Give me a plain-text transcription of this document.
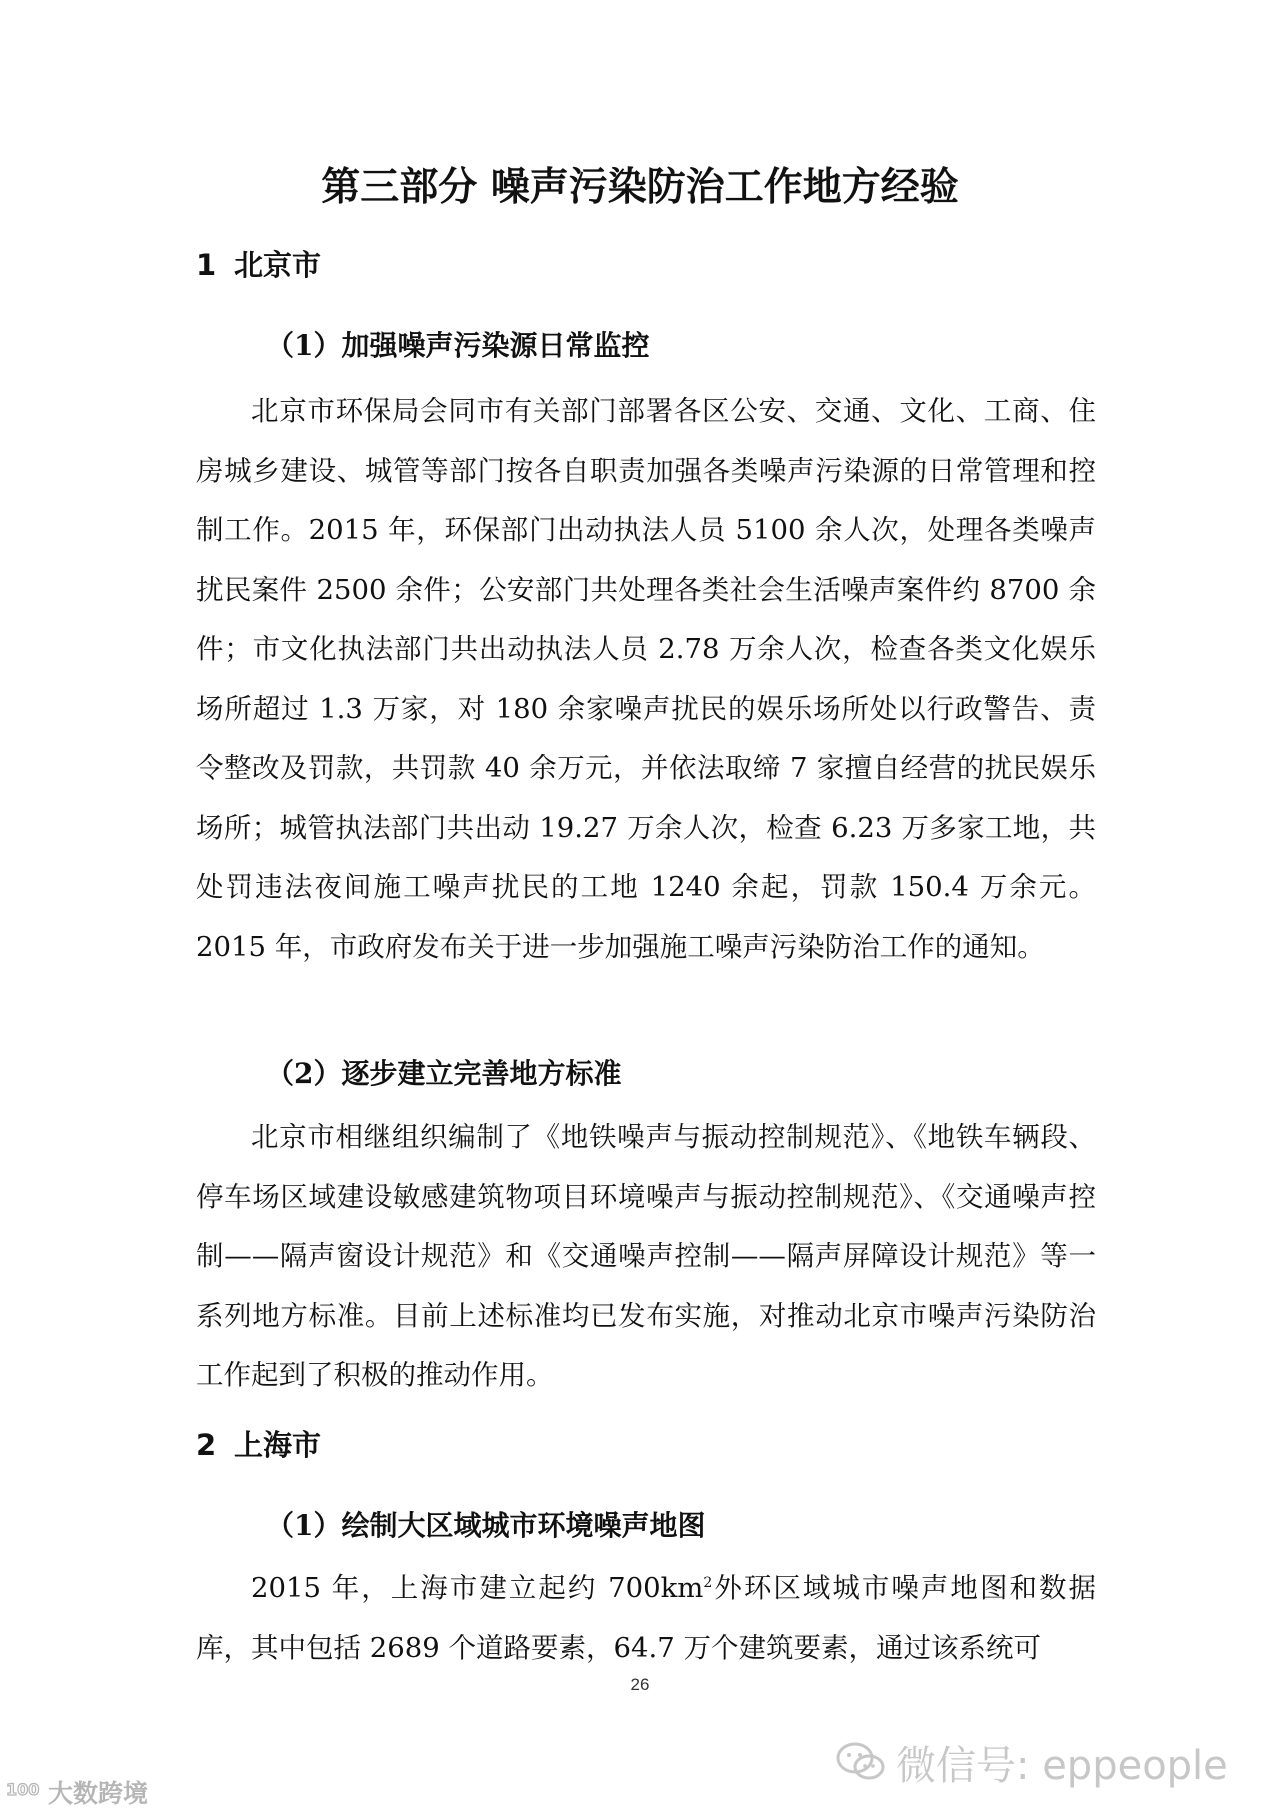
第三部分 噪声污染防治工作地方经验
1 北京市
（1）加强噪声污染源日常监控
北京市环保局会同市有关部门部署各区公安、交通、文化、工商、住房城乡建设、城管等部门按各自职责加强各类噪声污染源的日常管理和控制工作。2015 年，环保部门出动执法人员 5100 余人次，处理各类噪声扰民案件 2500 余件；公安部门共处理各类社会生活噪声案件约 8700 余件；市文化执法部门共出动执法人员 2.78 万余人次，检查各类文化娱乐场所超过 1.3 万家，对 180 余家噪声扰民的娱乐场所处以行政警告、责令整改及罚款，共罚款 40 余万元，并依法取缔 7 家擅自经营的扰民娱乐场所；城管执法部门共出动 19.27 万余人次，检查 6.23 万多家工地，共处罚违法夜间施工噪声扰民的工地 1240 余起，罚款 150.4 万余元。2015 年，市政府发布关于进一步加强施工噪声污染防治工作的通知。
（2）逐步建立完善地方标准
北京市相继组织编制了《地铁噪声与振动控制规范》、《地铁车辆段、停车场区域建设敏感建筑物项目环境噪声与振动控制规范》、《交通噪声控制——隔声窗设计规范》和《交通噪声控制——隔声屏障设计规范》等一系列地方标准。目前上述标准均已发布实施，对推动北京市噪声污染防治工作起到了积极的推动作用。
2 上海市
（1）绘制大区域城市环境噪声地图
2015 年，上海市建立起约 $700km^2$外环区域城市噪声地图和数据库，其中包括 2689 个道路要素，64.7 万个建筑要素，通过该系统可
26
微信号: eppeople
100 大数跨境
